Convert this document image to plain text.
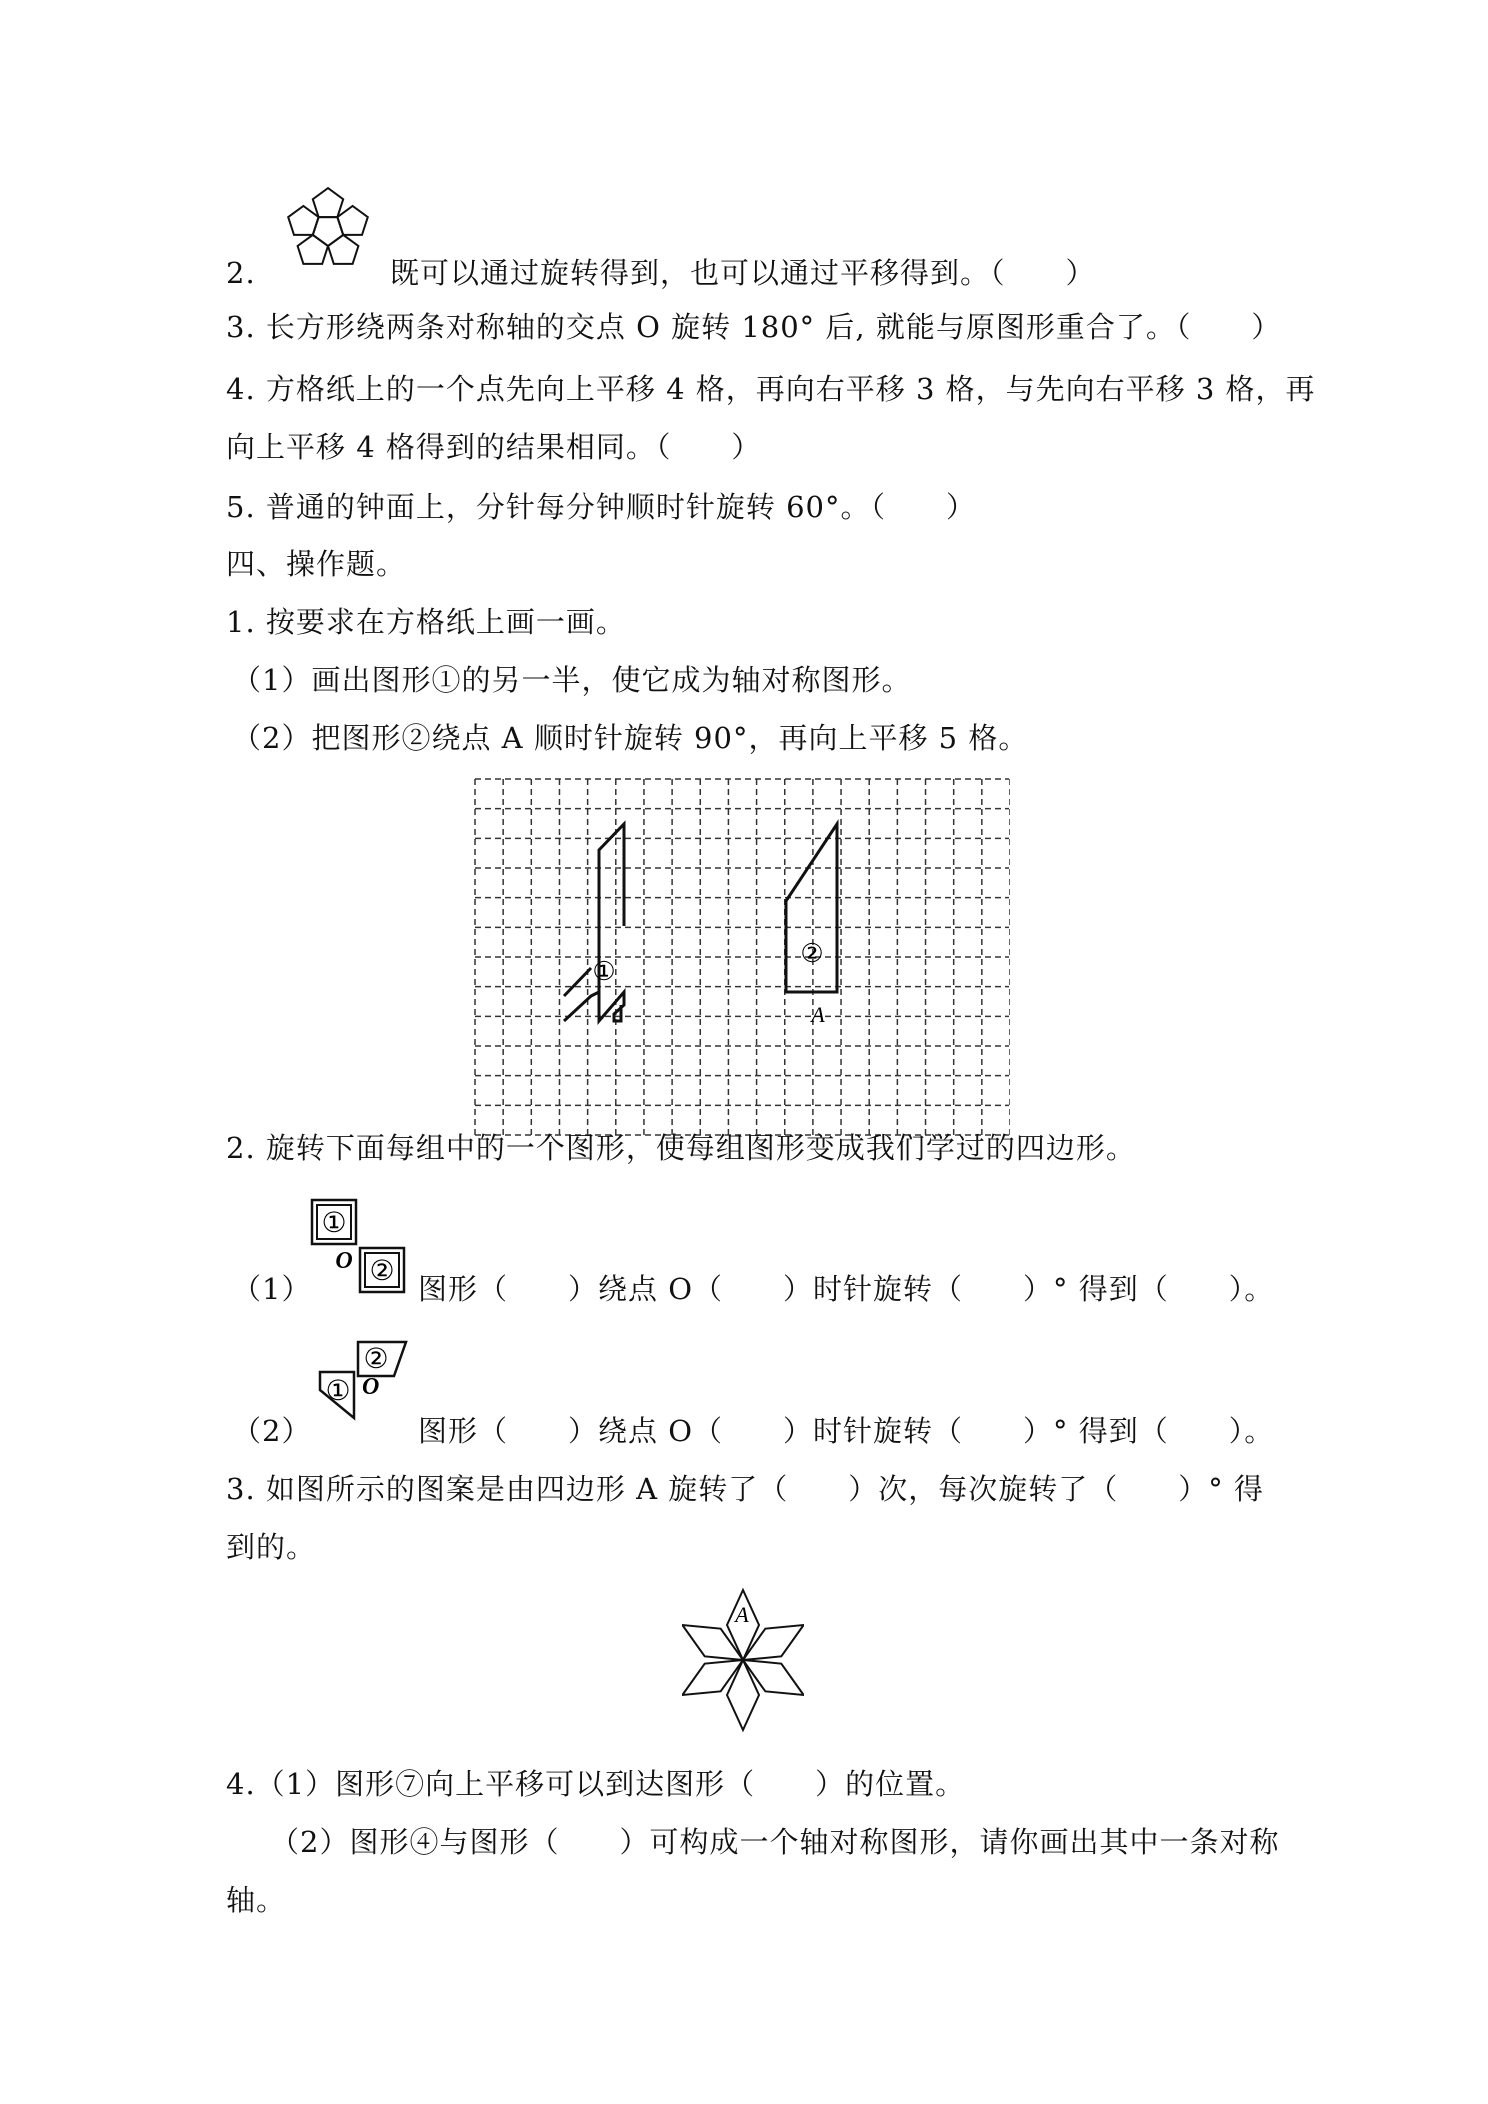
2.	既可以通过旋转得到，也可以通过平移得到。（　　）
3. 长方形绕两条对称轴的交点 O 旋转 180° 后, 就能与原图形重合了。（　　）
4. 方格纸上的一个点先向上平移 4 格，再向右平移 3 格，与先向右平移 3 格，再
向上平移 4 格得到的结果相同。（　　）
5. 普通的钟面上，分针每分钟顺时针旋转 60°。（　　）
四、操作题。
1. 按要求在方格纸上画一画。
（1）画出图形①的另一半，使它成为轴对称图形。
（2）把图形②绕点 A 顺时针旋转 90°，再向上平移 5 格。
①
②
A
2. 旋转下面每组中的一个图形，使每组图形变成我们学过的四边形。
①
②
O
（1）	图形（　　）绕点 O（　　）时针旋转（　　）° 得到（　　）。
②
① O
（2）	图形（　　）绕点 O（　　）时针旋转（　　）° 得到（　　）。
3. 如图所示的图案是由四边形 A 旋转了（　　）次，每次旋转了（　　）° 得
到的。
A
4.（1）图形⑦向上平移可以到达图形（　　）的位置。
（2）图形④与图形（　　）可构成一个轴对称图形，请你画出其中一条对称
轴。
